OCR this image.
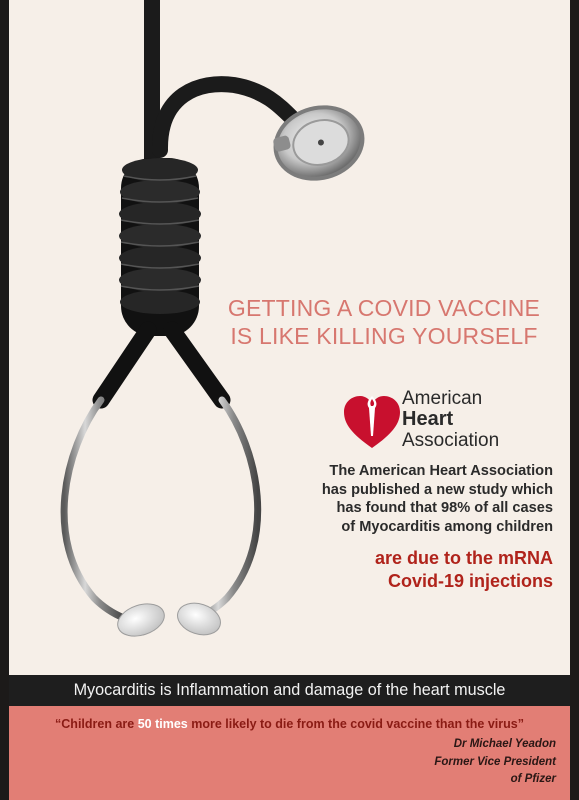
GETTING A COVID VACCINE
IS LIKE KILLING YOURSELF
American
Heart
Association
The American Heart Association
has published a new study which
has found that 98% of all cases
of Myocarditis among children
are due to the mRNA
Covid-19 injections
Myocarditis is Inflammation and damage of the heart muscle
“Children are 50 times more likely to die from the covid vaccine than the virus”
Dr Michael Yeadon
Former Vice President
of Pfizer
